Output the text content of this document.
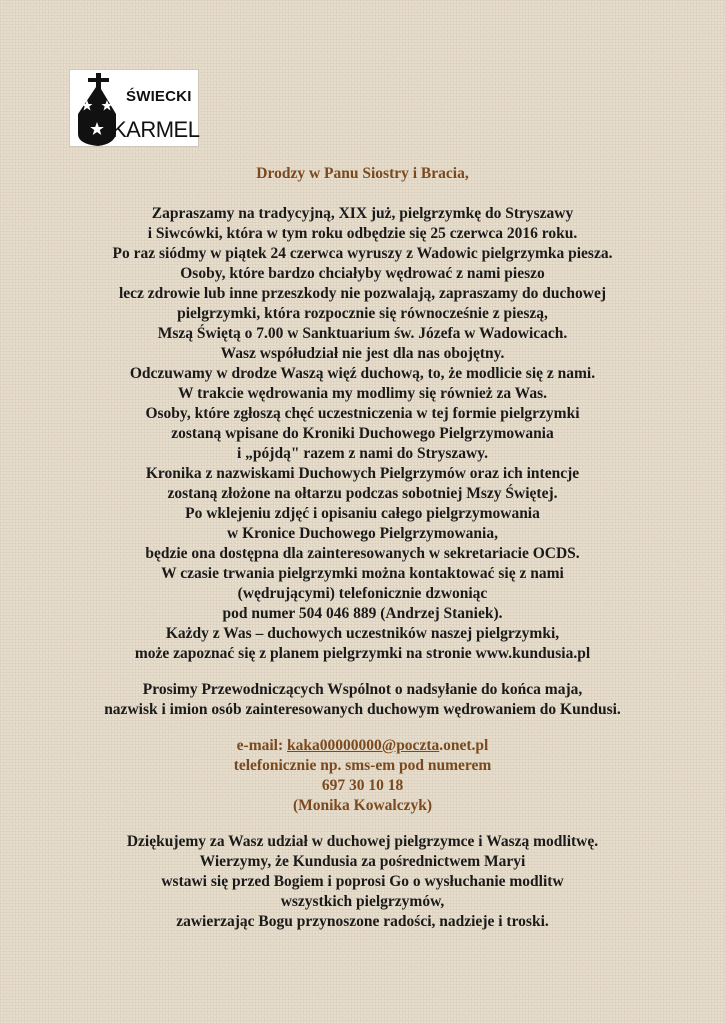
ŚWIECKI
KARMEL
Drodzy w Panu Siostry i Bracia,
Zapraszamy na tradycyjną, XIX już, pielgrzymkę do Stryszawy
i Siwcówki, która w tym roku odbędzie się 25 czerwca 2016 roku.
Po raz siódmy w piątek 24 czerwca wyruszy z Wadowic pielgrzymka piesza.
Osoby, które bardzo chciałyby wędrować z nami pieszo
lecz zdrowie lub inne przeszkody nie pozwalają, zapraszamy do duchowej
pielgrzymki, która rozpocznie się równocześnie z pieszą,
Mszą Świętą o 7.00 w Sanktuarium św. Józefa w Wadowicach.
Wasz współudział nie jest dla nas obojętny.
Odczuwamy w drodze Waszą więź duchową, to, że modlicie się z nami.
W trakcie wędrowania my modlimy się również za Was.
Osoby, które zgłoszą chęć uczestniczenia w tej formie pielgrzymki
zostaną wpisane do Kroniki Duchowego Pielgrzymowania
i „pójdą" razem z nami do Stryszawy.
Kronika z nazwiskami Duchowych Pielgrzymów oraz ich intencje
zostaną złożone na ołtarzu podczas sobotniej Mszy Świętej.
Po wklejeniu zdjęć i opisaniu całego pielgrzymowania
w Kronice Duchowego Pielgrzymowania,
będzie ona dostępna dla zainteresowanych w sekretariacie OCDS.
W czasie trwania pielgrzymki można kontaktować się z nami
(wędrującymi) telefonicznie dzwoniąc
pod numer 504 046 889 (Andrzej Staniek).
Każdy z Was – duchowych uczestników naszej pielgrzymki,
może zapoznać się z planem pielgrzymki na stronie www.kundusia.pl
Prosimy Przewodniczących Wspólnot o nadsyłanie do końca maja,
nazwisk i imion osób zainteresowanych duchowym wędrowaniem do Kundusi.
e-mail: kaka00000000@poczta.onet.pl
telefonicznie np. sms-em pod numerem
697 30 10 18
(Monika Kowalczyk)
Dziękujemy za Wasz udział w duchowej pielgrzymce i Waszą modlitwę.
Wierzymy, że Kundusia za pośrednictwem Maryi
wstawi się przed Bogiem i poprosi Go o wysłuchanie modlitw
wszystkich pielgrzymów,
zawierzając Bogu przynoszone radości, nadzieje i troski.
